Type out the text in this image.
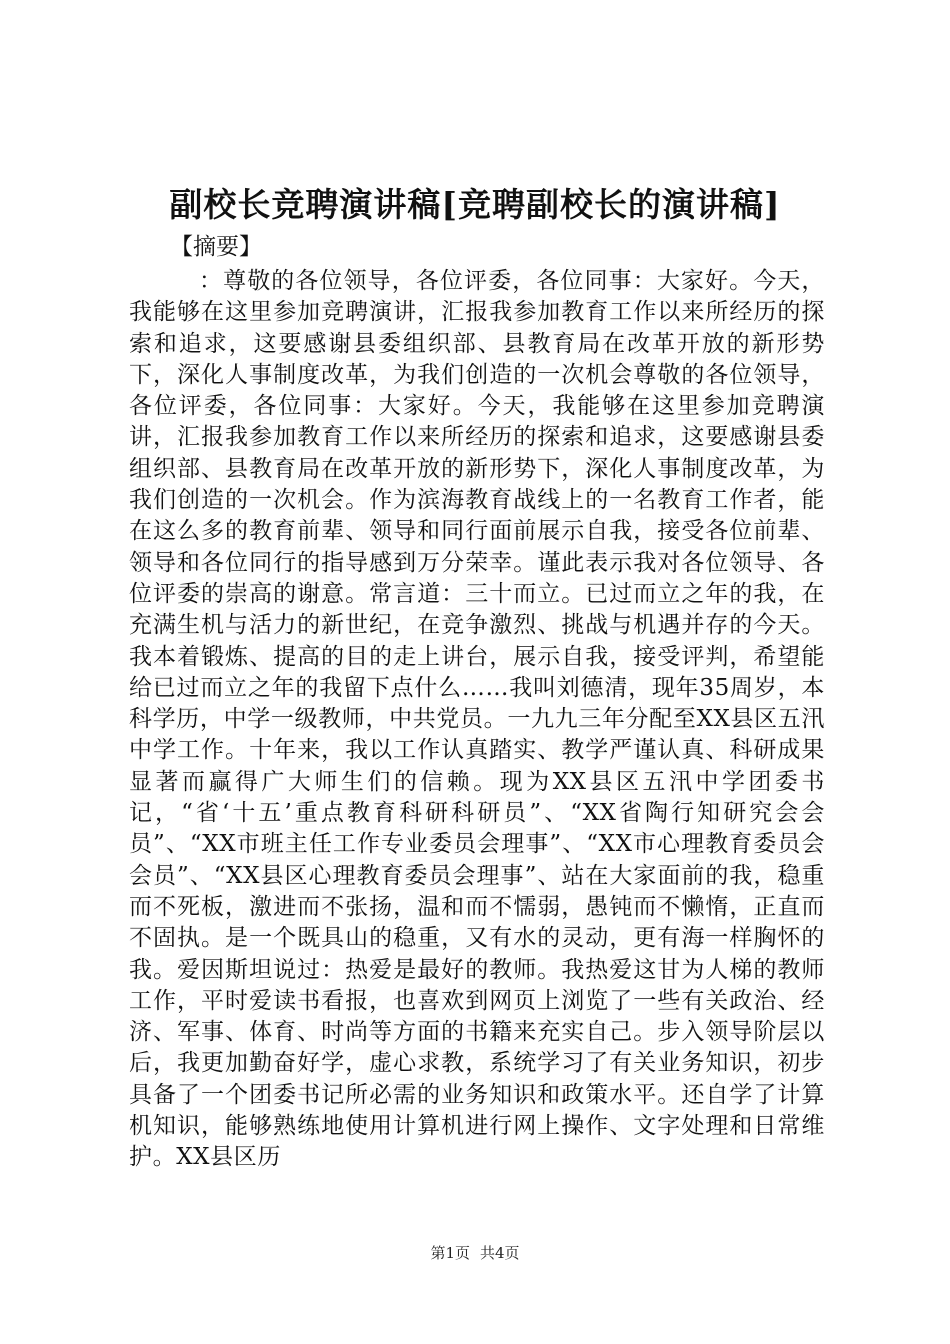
副校长竞聘演讲稿[竞聘副校长的演讲稿]

【摘要】

：尊敬的各位领导，各位评委，各位同事：大家好。今天，我能够在这里参加竞聘演讲，汇报我参加教育工作以来所经历的探索和追求，这要感谢县委组织部、县教育局在改革开放的新形势下，深化人事制度改革，为我们创造的一次机会尊敬的各位领导，各位评委，各位同事：大家好。今天，我能够在这里参加竞聘演讲，汇报我参加教育工作以来所经历的探索和追求，这要感谢县委组织部、县教育局在改革开放的新形势下，深化人事制度改革，为我们创造的一次机会。作为滨海教育战线上的一名教育工作者，能在这么多的教育前辈、领导和同行面前展示自我，接受各位前辈、领导和各位同行的指导感到万分荣幸。谨此表示我对各位领导、各位评委的崇高的谢意。常言道：三十而立。已过而立之年的我，在充满生机与活力的新世纪，在竞争激烈、挑战与机遇并存的今天。我本着锻炼、提高的目的走上讲台，展示自我，接受评判，希望能给已过而立之年的我留下点什么……我叫刘德清，现年35周岁，本科学历，中学一级教师，中共党员。一九九三年分配至XX县区五汛中学工作。十年来，我以工作认真踏实、教学严谨认真、科研成果显著而赢得广大师生们的信赖。现为XX县区五汛中学团委书记，“省‘十五’重点教育科研科研员”、“XX省陶行知研究会会员”、“XX市班主任工作专业委员会理事”、“XX市心理教育委员会会员”、“XX县区心理教育委员会理事”、站在大家面前的我，稳重而不死板，激进而不张扬，温和而不懦弱，愚钝而不懒惰，正直而不固执。是一个既具山的稳重，又有水的灵动，更有海一样胸怀的我。爱因斯坦说过：热爱是最好的教师。我热爱这甘为人梯的教师工作，平时爱读书看报，也喜欢到网页上浏览了一些有关政治、经济、军事、体育、时尚等方面的书籍来充实自己。步入领导阶层以后，我更加勤奋好学，虚心求教，系统学习了有关业务知识，初步具备了一个团委书记所必需的业务知识和政策水平。还自学了计算机知识，能够熟练地使用计算机进行网上操作、文字处理和日常维护。XX县区历

第1页 共4页
